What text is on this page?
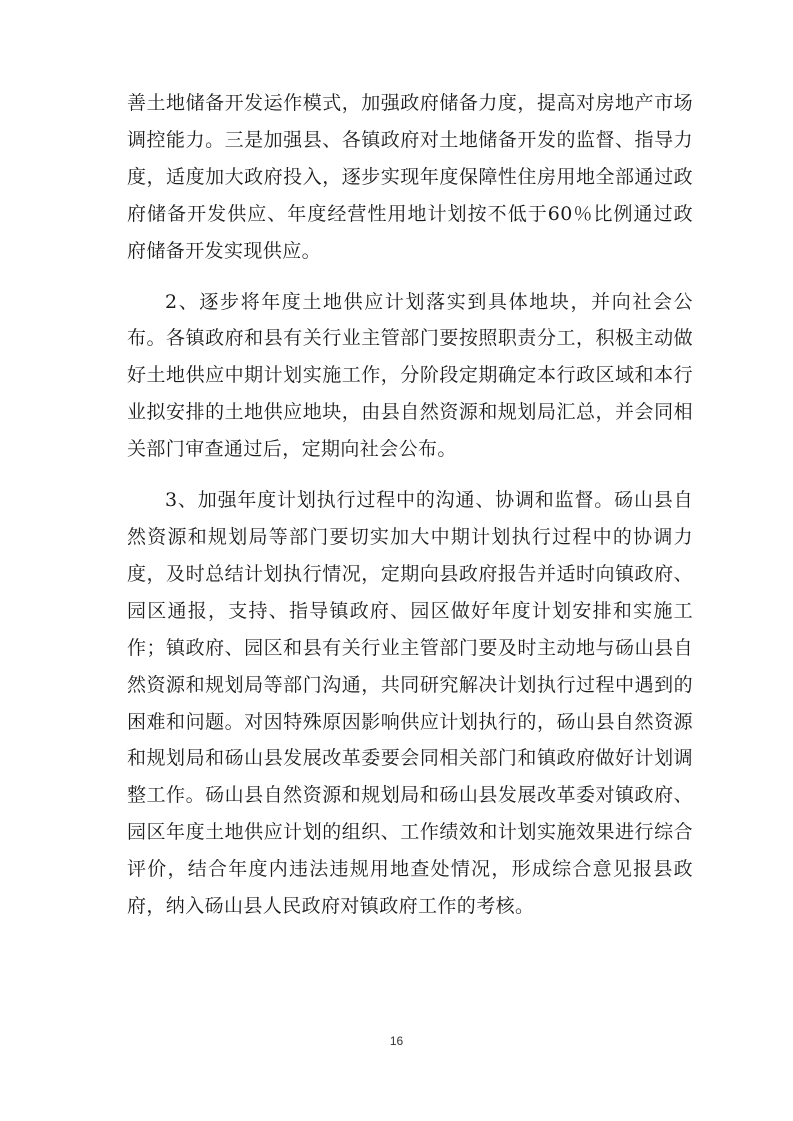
善土地储备开发运作模式，加强政府储备力度，提高对房地产市场调控能力。三是加强县、各镇政府对土地储备开发的监督、指导力度，适度加大政府投入，逐步实现年度保障性住房用地全部通过政府储备开发供应、年度经营性用地计划按不低于60％比例通过政府储备开发实现供应。

2、逐步将年度土地供应计划落实到具体地块，并向社会公布。各镇政府和县有关行业主管部门要按照职责分工，积极主动做好土地供应中期计划实施工作，分阶段定期确定本行政区域和本行业拟安排的土地供应地块，由县自然资源和规划局汇总，并会同相关部门审查通过后，定期向社会公布。

3、加强年度计划执行过程中的沟通、协调和监督。砀山县自然资源和规划局等部门要切实加大中期计划执行过程中的协调力度，及时总结计划执行情况，定期向县政府报告并适时向镇政府、园区通报，支持、指导镇政府、园区做好年度计划安排和实施工作；镇政府、园区和县有关行业主管部门要及时主动地与砀山县自然资源和规划局等部门沟通，共同研究解决计划执行过程中遇到的困难和问题。对因特殊原因影响供应计划执行的，砀山县自然资源和规划局和砀山县发展改革委要会同相关部门和镇政府做好计划调整工作。砀山县自然资源和规划局和砀山县发展改革委对镇政府、园区年度土地供应计划的组织、工作绩效和计划实施效果进行综合评价，结合年度内违法违规用地查处情况，形成综合意见报县政府，纳入砀山县人民政府对镇政府工作的考核。

16
